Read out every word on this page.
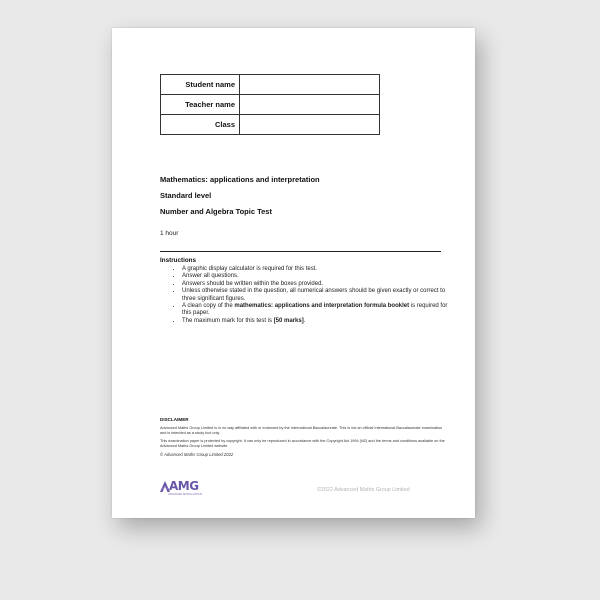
Student name	
Teacher name	
Class	
Mathematics: applications and interpretation
Standard level
Number and Algebra Topic Test
1 hour
Instructions
• A graphic display calculator is required for this test.
• Answer all questions.
• Answers should be written within the boxes provided.
• Unless otherwise stated in the question, all numerical answers should be given exactly or correct to three significant figures.
• A clean copy of the mathematics: applications and interpretation formula booklet is required for this paper.
• The maximum mark for this test is [50 marks].
DISCLAIMER
Advanced Maths Group Limited is in no way affiliated with or endorsed by the International Baccalaureate. This is not an official International Baccalaureate examination and is intended as a study tool only.
This examination paper is protected by copyright. It can only be reproduced in accordance with the Copyright Act 1994 (NZ) and the terms and conditions available on the Advanced Maths Group Limited website.
© Advanced Maths Group Limited 2022
AMG
ADVANCED MATHS GROUP
©2022 Advanced Maths Group Limited
